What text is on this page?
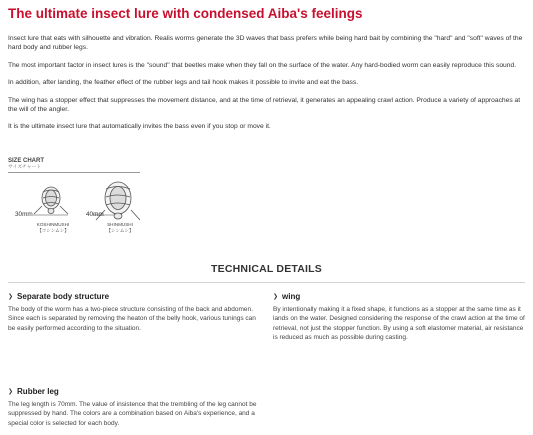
The ultimate insect lure with condensed Aiba's feelings

Insect lure that eats with silhouette and vibration. Realis worms generate the 3D waves that bass prefers while being hard bait by combining the "hard" and "soft" waves of the hard body and rubber legs.

The most important factor in insect lures is the "sound" that beetles make when they fall on the surface of the water. Any hard-bodied worm can easily reproduce this sound.

In addition, after landing, the feather effect of the rubber legs and tail hook makes it possible to invite and eat the bass.

The wing has a stopper effect that suppresses the movement distance, and at the time of retrieval, it generates an appealing crawl action. Produce a variety of approaches at the will of the angler.

It is the ultimate insect lure that automatically invites the bass even if you stop or move it.

SIZE CHART
サイズチャート
30mm
KOSHINMUSHI
【コシンムシ】
40mm
SHINMUSHI
【シンムシ】
TECHNICAL DETAILS
❯ Separate body structure
The body of the worm has a two-piece structure consisting of the back and abdomen. Since each is separated by removing the heaton of the belly hook, various tunings can be easily performed according to the situation.
❯ wing
By intentionally making it a fixed shape, it functions as a stopper at the same time as it lands on the water. Designed considering the response of the crawl action at the time of retrieval, not just the stopper function. By using a soft elastomer material, air resistance is reduced as much as possible during casting.
❯ Rubber leg
The leg length is 70mm. The value of insistence that the trembling of the leg cannot be suppressed by hand. The colors are a combination based on Aiba's experience, and a special color is selected for each body.
